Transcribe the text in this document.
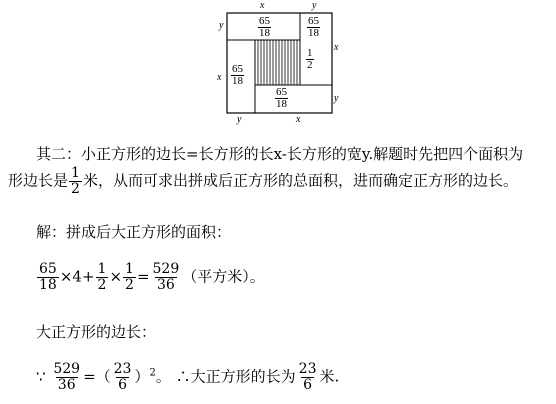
x	y
y
x
x
y
y	x
$\frac{65}{18}$	$\frac{65}{18}$
$\frac{65}{18}$
$\frac{65}{18}$
$\frac{1}{2}$
其二：小正方形的边长=长方形的长x-长方形的宽y.解题时先把四个面积为
形边长是 $\frac{1}{2}$ 米，从而可求出拼成后正方形的总面积，进而确定正方形的边长。
解：拼成后大正方形的面积：
$\frac{65}{18} \times 4+ \frac{1}{2} \times \frac{1}{2} = \frac{529}{36}$ （平方米）。
大正方形的边长：
∵ $\frac{529}{36}$ =（ $\frac{23}{6} )^2$。 ∴大正方形的长为 $\frac{23}{6}$ 米.
